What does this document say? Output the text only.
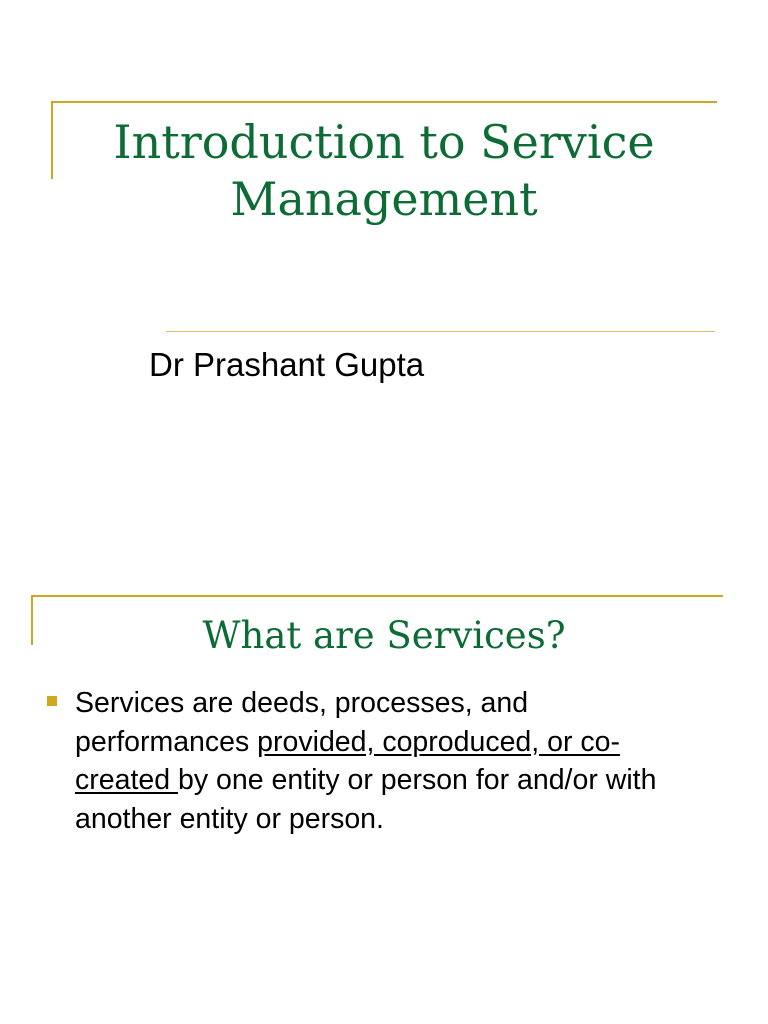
Introduction to Service
Management

Dr Prashant Gupta

What are Services?
Services are deeds, processes, and performances provided, coproduced, or co-created by one entity or person for and/or with another entity or person.
